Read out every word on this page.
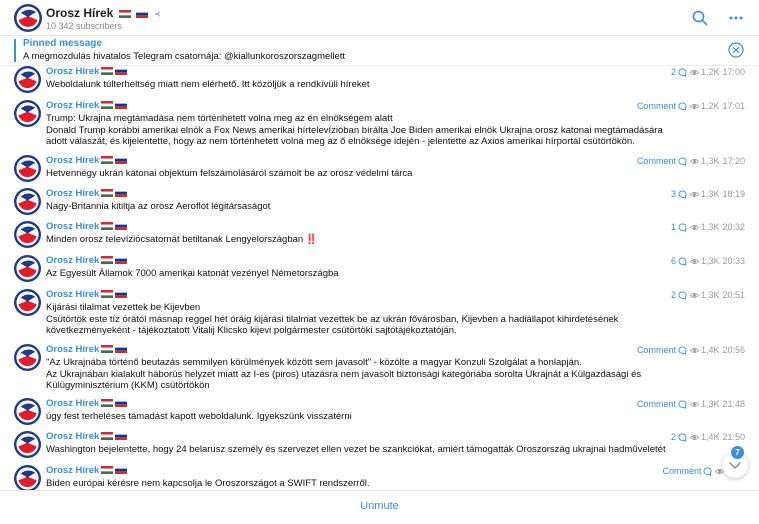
Orosz Hírek
10 342 subscribers
Pinned message
A megmozdulás hivatalos Telegram csatornája: @kiallunkoroszorszagmellett
Orosz Hírek
Weboldalunk túlterheltség miatt nem elérhető. Itt közöljük a rendkívüli híreket
2	1,2K 17:00
Orosz Hírek
Trump: Ukrajna megtámadása nem történhetett volna meg az én elnökségem alatt
Donald Trump korábbi amerikai elnök a Fox News amerikai hírtelevízióban bírálta Joe Biden amerikai elnök Ukrajna orosz katonai megtámadására adott válaszát, és kijelentette, hogy az nem történhetett volna meg az ő elnöksége idején - jelentette az Axios amerikai hírportál csütörtökön.
Comment	1,2K 17:01
Orosz Hírek
Hetvennégy ukrán katonai objektum felszámolásáról számolt be az orosz védelmi tárca
Comment	1,3K 17:20
Orosz Hírek
Nagy-Britannia kitiltja az orosz Aeroflot légitársaságot
3	1,3K 18:19
Orosz Hírek
Minden orosz televíziócsatornát betiltanak Lengyelországban ‼️
1	1,3K 20:32
Orosz Hírek
Az Egyesült Államok 7000 amerikai katonát vezényel Németországba
6	1,3K 20:33
Orosz Hírek
Kijárási tilalmat vezettek be Kijevben
Csütörtök este tíz órától másnap reggel hét óráig kijárási tilalmat vezettek be az ukrán fővárosban, Kijevben a hadiállapot kihirdetésének következményeként - tájékoztatott Vitalij Klicsko kijevi polgármester csütörtöki sajtótájékoztatóján.
2	1,3K 20:51
Orosz Hírek
"Az Ukrajnába történő beutazás semmilyen körülmények között sem javasolt" - közölte a magyar Konzuli Szolgálat a honlapján.
Az Ukrajnában kialakult háborús helyzet miatt az I-es (piros) utazásra nem javasolt biztonsági kategóriába sorolta Ukrajnát a Külgazdasági és Külügyminisztérium (KKM) csütörtökön
Comment	1,4K 20:56
Orosz Hírek
úgy fest terheléses támadást kapott weboldalunk. Igyekszünk visszatérni
Comment	1,3K 21:48
Orosz Hírek
Washington bejelentette, hogy 24 belarusz személy és szervezet ellen vezet be szankciókat, amiért támogatták Oroszország ukrajnai hadműveletét
2	1,4K 21:50
Orosz Hírek
Biden európai kérésre nem kapcsolja le Oroszországot a SWIFT rendszerről.
Comment
7
Unmute
